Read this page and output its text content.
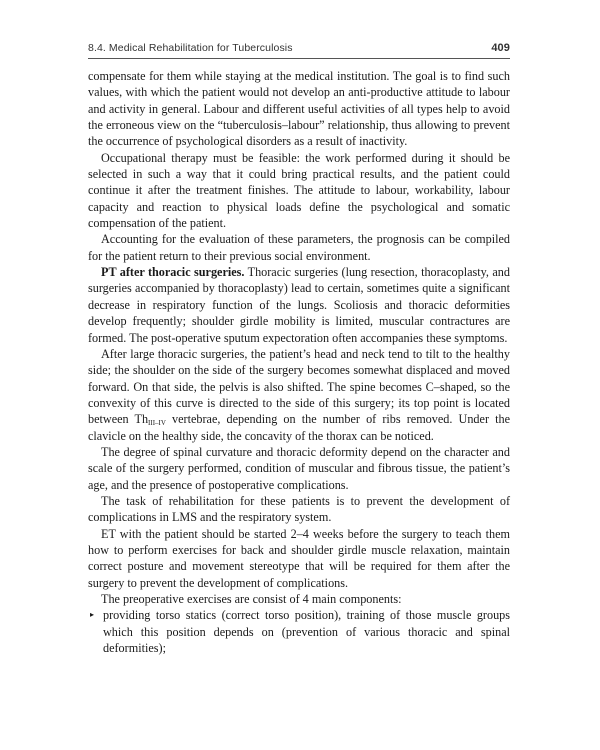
8.4. Medical Rehabilitation for Tuberculosis	409

compensate for them while staying at the medical institution. The goal is to find such values, with which the patient would not develop an anti-productive attitude to labour and activity in general. Labour and different useful activities of all types help to avoid the erroneous view on the “tuberculosis–labour” relationship, thus allowing to prevent the occurrence of psychological disorders as a result of inactivity.

Occupational therapy must be feasible: the work performed during it should be selected in such a way that it could bring practical results, and the patient could continue it after the treatment finishes. The attitude to labour, workability, labour capacity and reaction to physical loads define the psychological and somatic compensation of the patient.

Accounting for the evaluation of these parameters, the prognosis can be compiled for the patient return to their previous social environment.

PT after thoracic surgeries. Thoracic surgeries (lung resection, thoracoplasty, and surgeries accompanied by thoracoplasty) lead to certain, sometimes quite a significant decrease in respiratory function of the lungs. Scoliosis and thoracic deformities develop frequently; shoulder girdle mobility is limited, muscular contractures are formed. The post-operative sputum expectoration often accompanies these symptoms.

After large thoracic surgeries, the patient’s head and neck tend to tilt to the healthy side; the shoulder on the side of the surgery becomes somewhat displaced and moved forward. On that side, the pelvis is also shifted. The spine becomes C–shaped, so the convexity of this curve is directed to the side of this surgery; its top point is located between $Th_{III-IV}$ vertebrae, depending on the number of ribs removed. Under the clavicle on the healthy side, the concavity of the thorax can be noticed.

The degree of spinal curvature and thoracic deformity depend on the character and scale of the surgery performed, condition of muscular and fibrous tissue, the patient’s age, and the presence of postoperative complications.

The task of rehabilitation for these patients is to prevent the development of complications in LMS and the respiratory system.

ET with the patient should be started 2–4 weeks before the surgery to teach them how to perform exercises for back and shoulder girdle muscle relaxation, maintain correct posture and movement stereotype that will be required for them after the surgery to prevent the development of complications.

The preoperative exercises are consist of 4 main components:

▸ providing torso statics (correct torso position), training of those muscle groups which this position depends on (prevention of various thoracic and spinal deformities);
